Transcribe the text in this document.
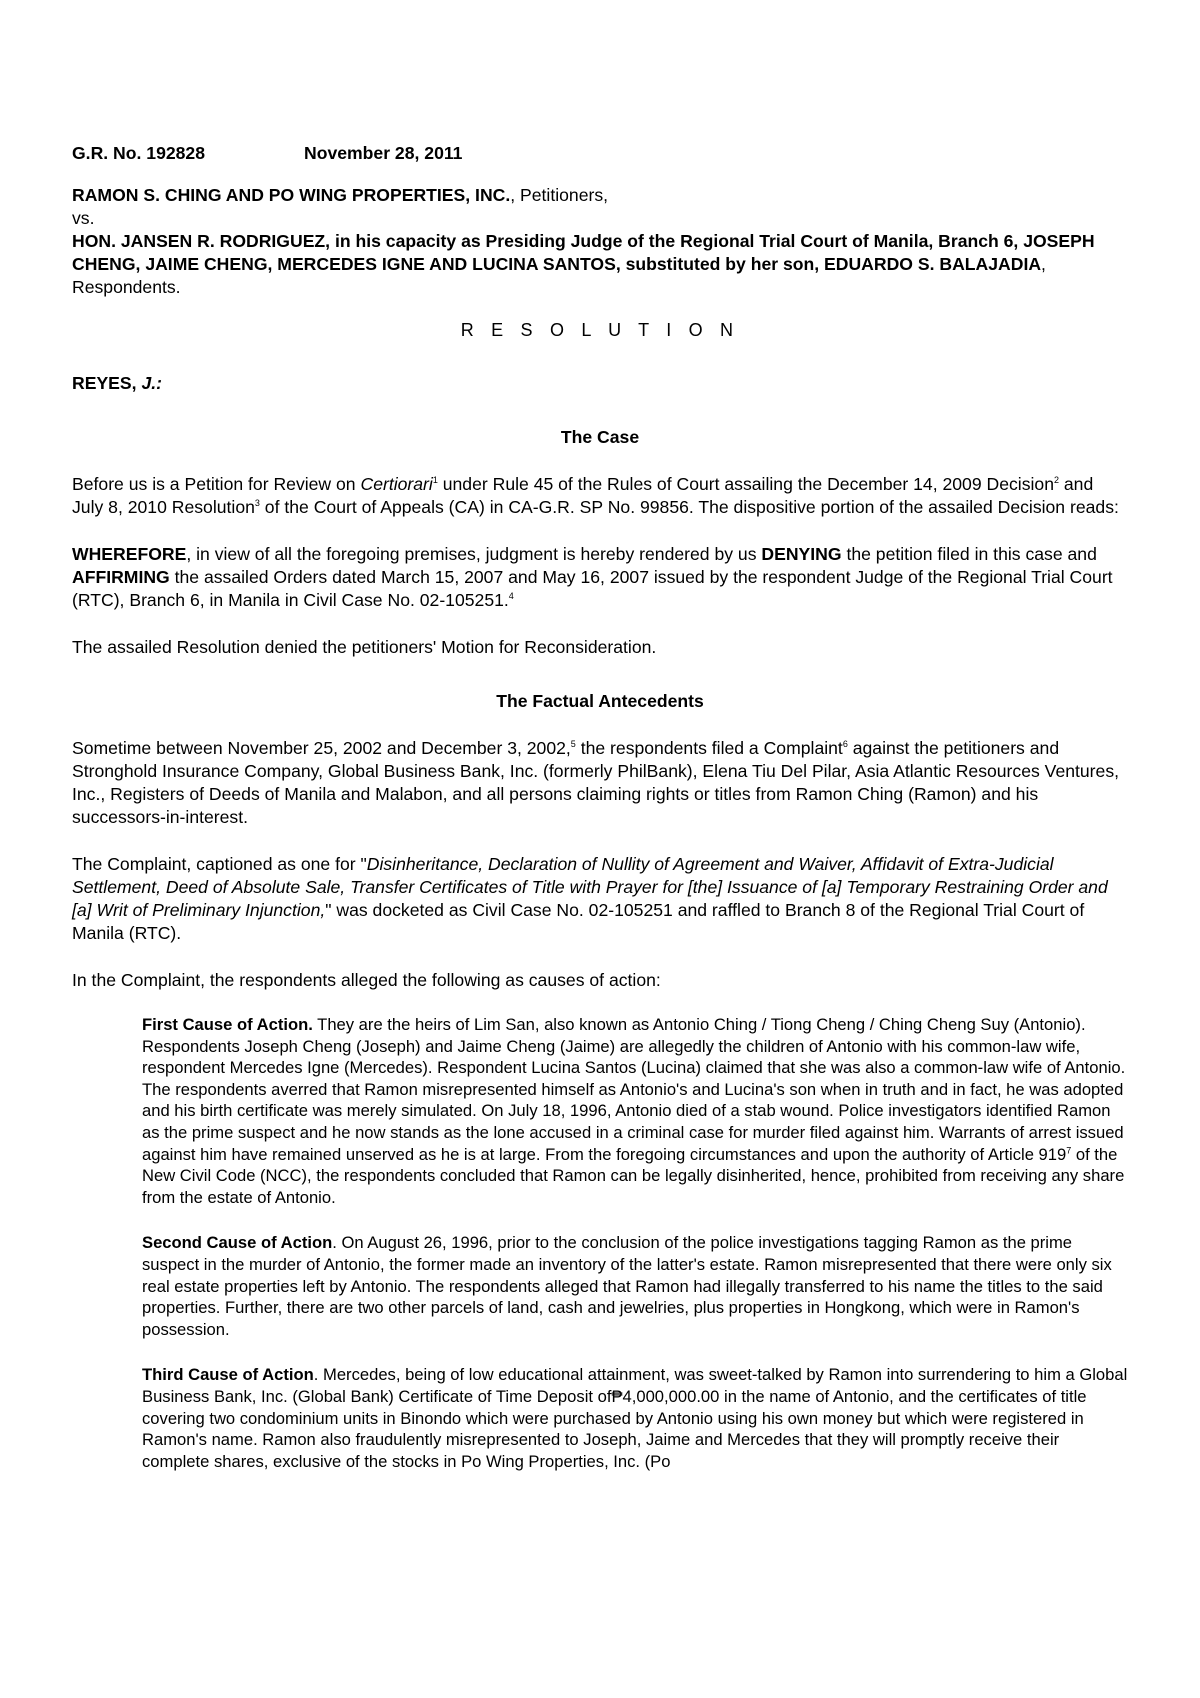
G.R. No. 192828	November 28, 2011

RAMON S. CHING AND PO WING PROPERTIES, INC., Petitioners,

vs.

HON. JANSEN R. RODRIGUEZ, in his capacity as Presiding Judge of the Regional Trial Court of Manila, Branch 6, JOSEPH CHENG, JAIME CHENG, MERCEDES IGNE AND LUCINA SANTOS, substituted by her son, EDUARDO S. BALAJADIA, Respondents.

R E S O L U T I O N
REYES, J.:
The Case

Before us is a Petition for Review on Certiorari$^1$ under Rule 45 of the Rules of Court assailing the December 14, 2009 Decision$^2$ and July 8, 2010 Resolution$^3$ of the Court of Appeals (CA) in CA-G.R. SP No. 99856. The dispositive portion of the assailed Decision reads:

WHEREFORE, in view of all the foregoing premises, judgment is hereby rendered by us DENYING the petition filed in this case and AFFIRMING the assailed Orders dated March 15, 2007 and May 16, 2007 issued by the respondent Judge of the Regional Trial Court (RTC), Branch 6, in Manila in Civil Case No. 02-105251.$^4$

The assailed Resolution denied the petitioners' Motion for Reconsideration.

The Factual Antecedents

Sometime between November 25, 2002 and December 3, 2002,$^5$ the respondents filed a Complaint$^6$ against the petitioners and Stronghold Insurance Company, Global Business Bank, Inc. (formerly PhilBank), Elena Tiu Del Pilar, Asia Atlantic Resources Ventures, Inc., Registers of Deeds of Manila and Malabon, and all persons claiming rights or titles from Ramon Ching (Ramon) and his successors-in-interest.

The Complaint, captioned as one for "Disinheritance, Declaration of Nullity of Agreement and Waiver, Affidavit of Extra-Judicial Settlement, Deed of Absolute Sale, Transfer Certificates of Title with Prayer for [the] Issuance of [a] Temporary Restraining Order and [a] Writ of Preliminary Injunction," was docketed as Civil Case No. 02-105251 and raffled to Branch 8 of the Regional Trial Court of Manila (RTC).

In the Complaint, the respondents alleged the following as causes of action:

First Cause of Action. They are the heirs of Lim San, also known as Antonio Ching / Tiong Cheng / Ching Cheng Suy (Antonio). Respondents Joseph Cheng (Joseph) and Jaime Cheng (Jaime) are allegedly the children of Antonio with his common-law wife, respondent Mercedes Igne (Mercedes). Respondent Lucina Santos (Lucina) claimed that she was also a common-law wife of Antonio. The respondents averred that Ramon misrepresented himself as Antonio's and Lucina's son when in truth and in fact, he was adopted and his birth certificate was merely simulated. On July 18, 1996, Antonio died of a stab wound. Police investigators identified Ramon as the prime suspect and he now stands as the lone accused in a criminal case for murder filed against him. Warrants of arrest issued against him have remained unserved as he is at large. From the foregoing circumstances and upon the authority of Article $919^7$ of the New Civil Code (NCC), the respondents concluded that Ramon can be legally disinherited, hence, prohibited from receiving any share from the estate of Antonio.

Second Cause of Action. On August 26, 1996, prior to the conclusion of the police investigations tagging Ramon as the prime suspect in the murder of Antonio, the former made an inventory of the latter's estate. Ramon misrepresented that there were only six real estate properties left by Antonio. The respondents alleged that Ramon had illegally transferred to his name the titles to the said properties. Further, there are two other parcels of land, cash and jewelries, plus properties in Hongkong, which were in Ramon's possession.

Third Cause of Action. Mercedes, being of low educational attainment, was sweet-talked by Ramon into surrendering to him a Global Business Bank, Inc. (Global Bank) Certificate of Time Deposit of₱4,000,000.00 in the name of Antonio, and the certificates of title covering two condominium units in Binondo which were purchased by Antonio using his own money but which were registered in Ramon's name. Ramon also fraudulently misrepresented to Joseph, Jaime and Mercedes that they will promptly receive their complete shares, exclusive of the stocks in Po Wing Properties, Inc. (Po
